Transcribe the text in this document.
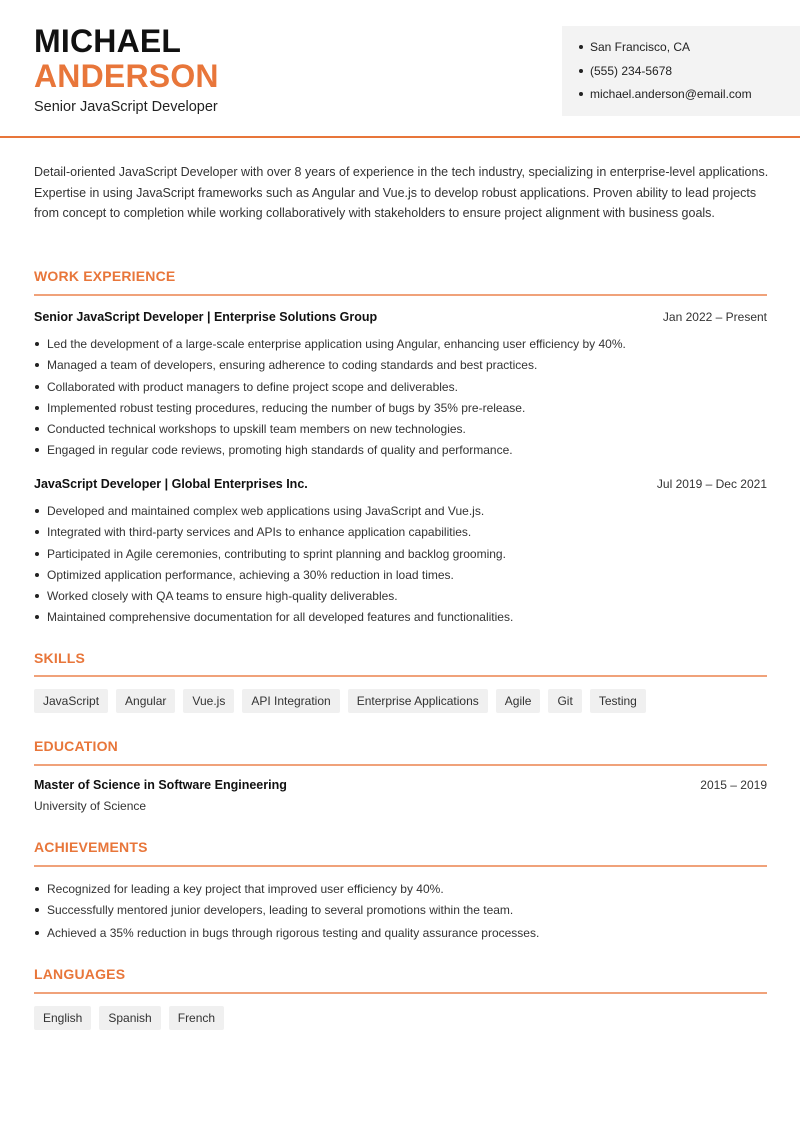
MICHAEL
ANDERSON
Senior JavaScript Developer
San Francisco, CA
(555) 234-5678
michael.anderson@email.com

Detail-oriented JavaScript Developer with over 8 years of experience in the tech industry, specializing in enterprise-level applications. Expertise in using JavaScript frameworks such as Angular and Vue.js to develop robust applications. Proven ability to lead projects from concept to completion while working collaboratively with stakeholders to ensure project alignment with business goals.

WORK EXPERIENCE
Senior JavaScript Developer | Enterprise Solutions Group	Jan 2022 – Present
Led the development of a large-scale enterprise application using Angular, enhancing user efficiency by 40%.
Managed a team of developers, ensuring adherence to coding standards and best practices.
Collaborated with product managers to define project scope and deliverables.
Implemented robust testing procedures, reducing the number of bugs by 35% pre-release.
Conducted technical workshops to upskill team members on new technologies.
Engaged in regular code reviews, promoting high standards of quality and performance.
JavaScript Developer | Global Enterprises Inc.	Jul 2019 – Dec 2021
Developed and maintained complex web applications using JavaScript and Vue.js.
Integrated with third-party services and APIs to enhance application capabilities.
Participated in Agile ceremonies, contributing to sprint planning and backlog grooming.
Optimized application performance, achieving a 30% reduction in load times.
Worked closely with QA teams to ensure high-quality deliverables.
Maintained comprehensive documentation for all developed features and functionalities.
SKILLS
JavaScript	Angular	Vue.js	API Integration	Enterprise Applications	Agile	Git	Testing
EDUCATION
Master of Science in Software Engineering	2015 – 2019
University of Science
ACHIEVEMENTS
Recognized for leading a key project that improved user efficiency by 40%.
Successfully mentored junior developers, leading to several promotions within the team.
Achieved a 35% reduction in bugs through rigorous testing and quality assurance processes.
LANGUAGES
English	Spanish	French
